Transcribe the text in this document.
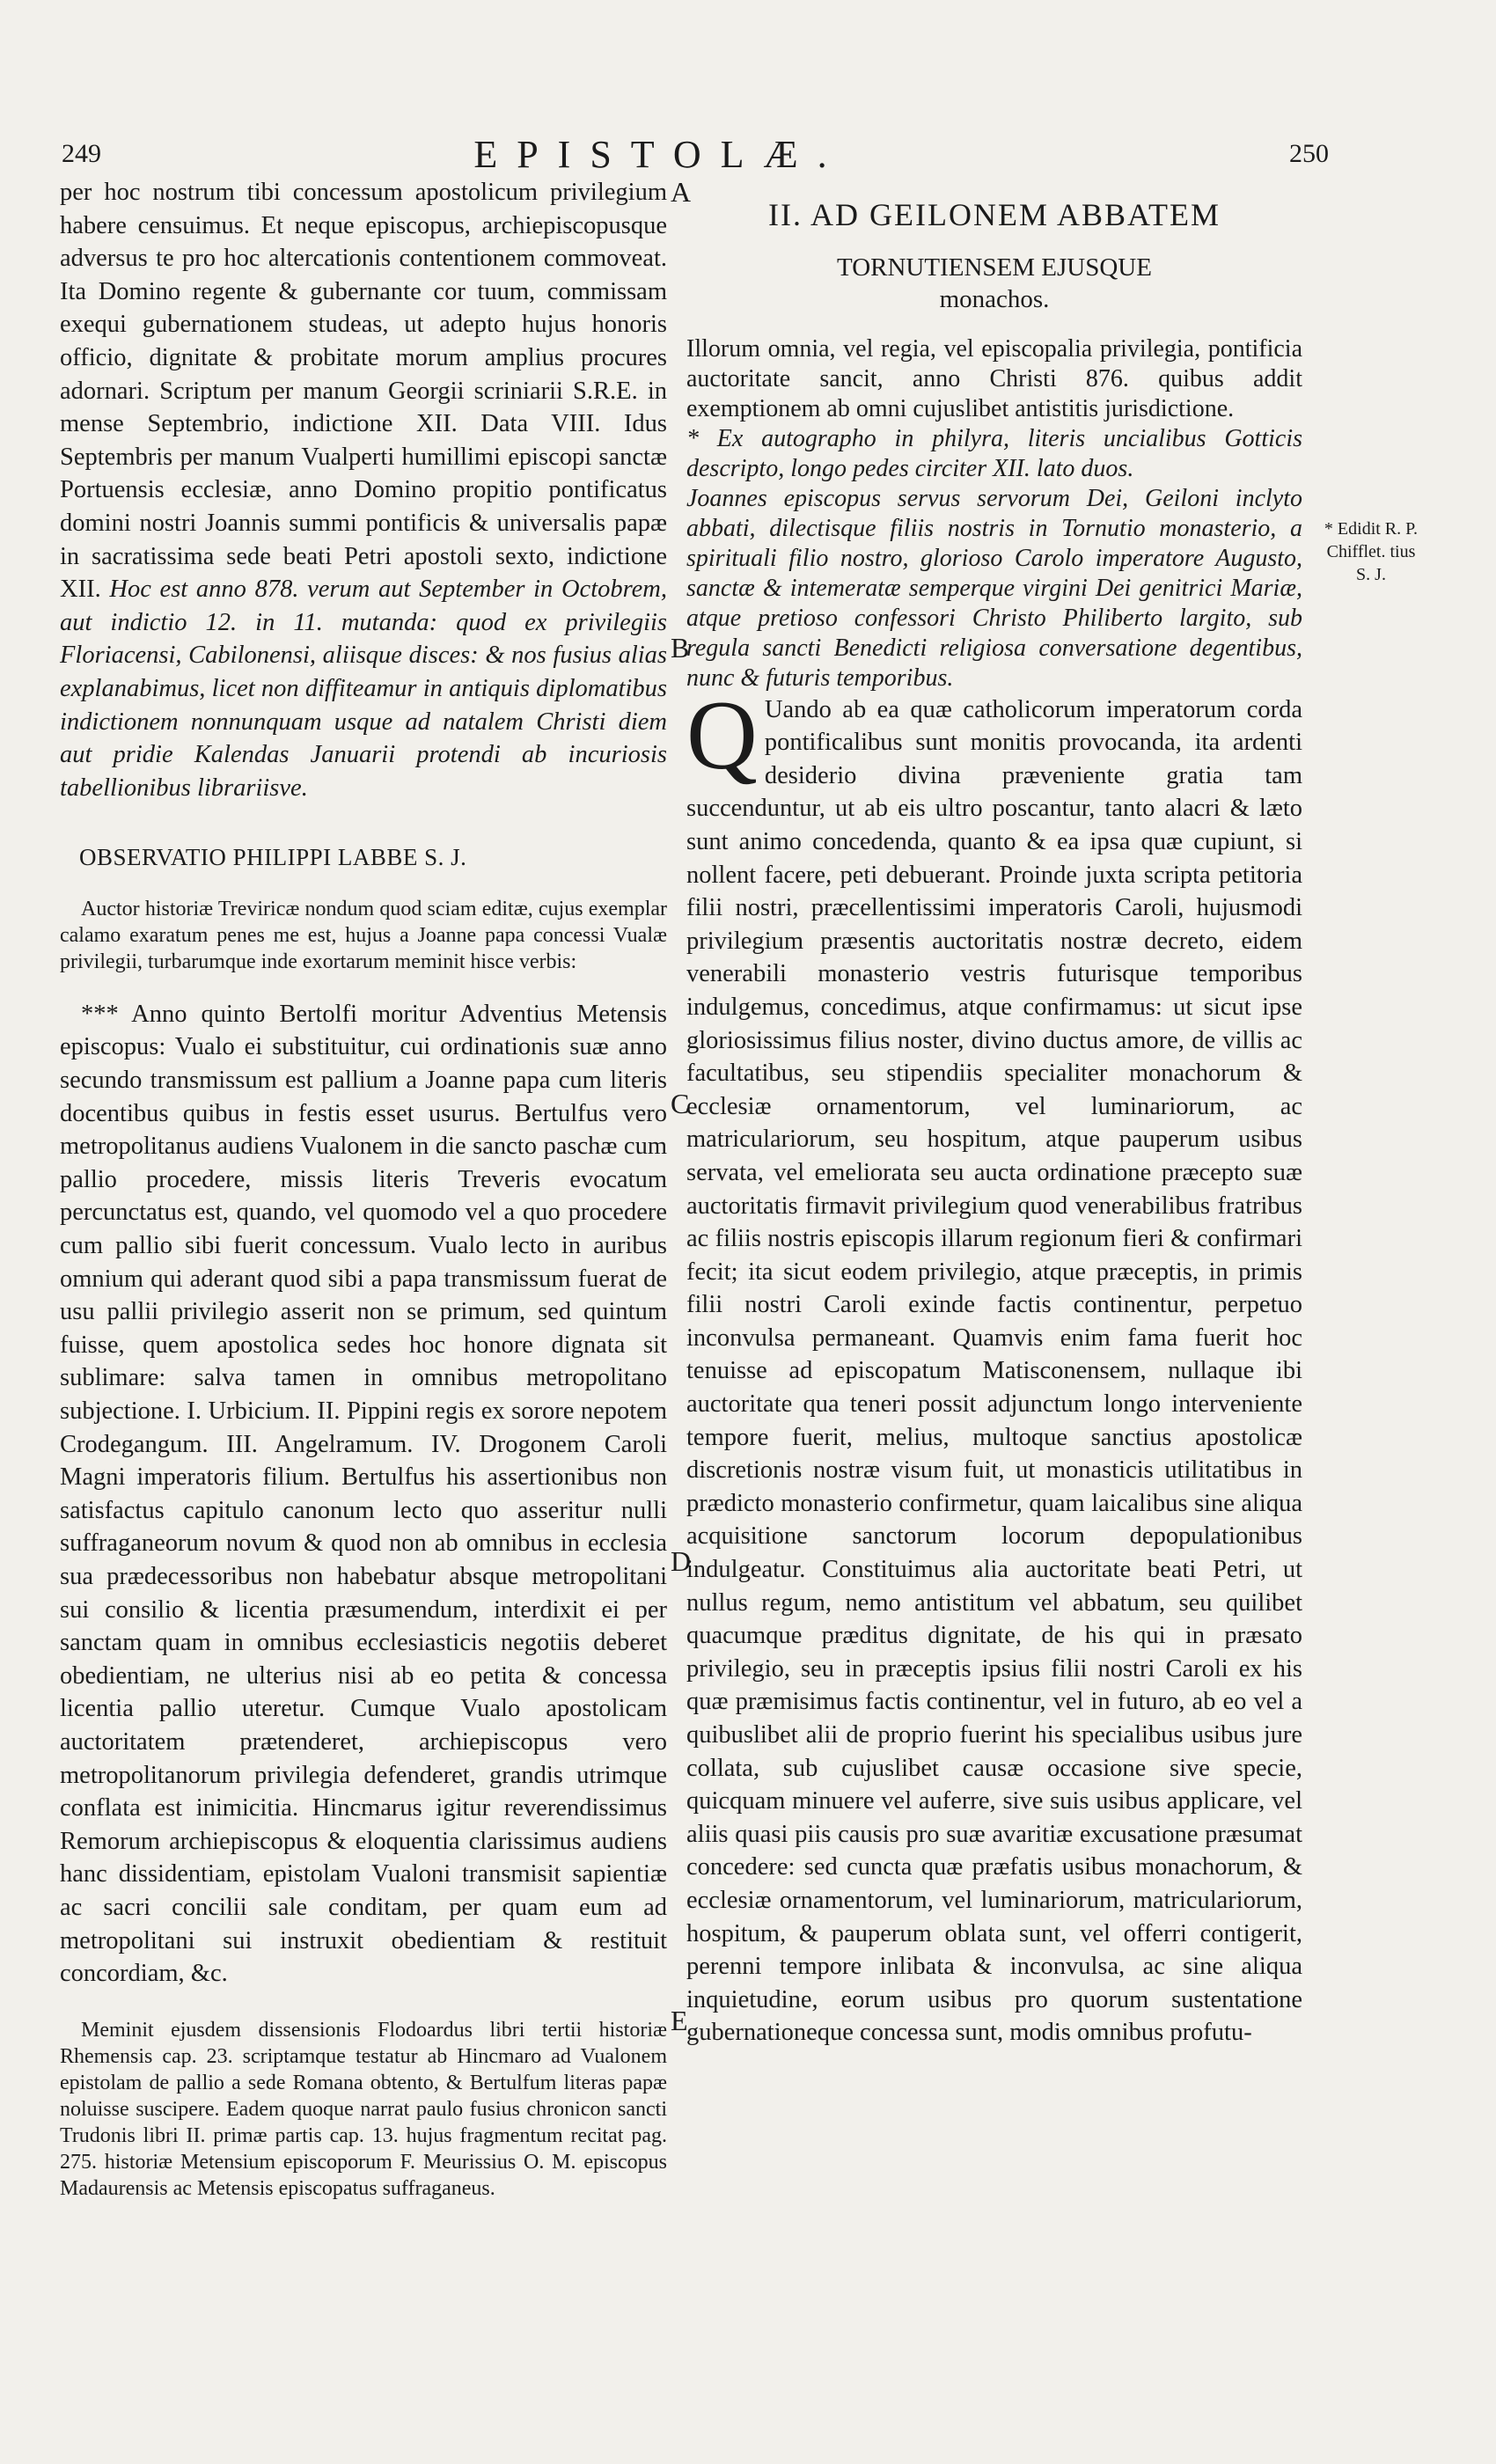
249	EPISTOLÆ.	250

per hoc nostrum tibi concessum apostolicum privilegium habere censuimus. Et neque episcopus, archiepiscopusque adversus te pro hoc altercationis contentionem commoveat. Ita Domino regente & gubernante cor tuum, commissam exequi gubernationem studeas, ut adepto hujus honoris officio, dignitate & probitate morum amplius procures adornari. Scriptum per manum Georgii scriniarii S.R.E. in mense Septembrio, indictione XII. Data VIII. Idus Septembris per manum Vualperti humillimi episcopi sanctæ Portuensis ecclesiæ, anno Domino propitio pontificatus domini nostri Joannis summi pontificis & universalis papæ in sacratissima sede beati Petri apostoli sexto, indictione XII. Hoc est anno 878. verum aut September in Octobrem, aut indictio 12. in 11. mutanda: quod ex privilegiis Floriacensi, Cabilonensi, aliisque disces: & nos fusius alias explanabimus, licet non diffiteamur in antiquis diplomatibus indictionem nonnunquam usque ad natalem Christi diem aut pridie Kalendas Januarii protendi ab incuriosis tabellionibus librariisve.

OBSERVATIO PHILIPPI LABBE S. J.

Auctor historiæ Treviricæ nondum quod sciam editæ, cujus exemplar calamo exaratum penes me est, hujus a Joanne papa concessi Vualæ privilegii, turbarumque inde exortarum meminit hisce verbis:

*** Anno quinto Bertolfi moritur Adventius Metensis episcopus: Vualo ei substituitur, cui ordinationis suæ anno secundo transmissum est pallium a Joanne papa cum literis docentibus quibus in festis esset usurus. Bertulfus vero metropolitanus audiens Vualonem in die sancto paschæ cum pallio procedere, missis literis Treveris evocatum percunctatus est, quando, vel quomodo vel a quo procedere cum pallio sibi fuerit concessum. Vualo lecto in auribus omnium qui aderant quod sibi a papa transmissum fuerat de usu pallii privilegio asserit non se primum, sed quintum fuisse, quem apostolica sedes hoc honore dignata sit sublimare: salva tamen in omnibus metropolitano subjectione. I. Urbicium. II. Pippini regis ex sorore nepotem Crodegangum. III. Angelramum. IV. Drogonem Caroli Magni imperatoris filium. Bertulfus his assertionibus non satisfactus capitulo canonum lecto quo asseritur nulli suffraganeorum novum & quod non ab omnibus in ecclesia sua prædecessoribus non habebatur absque metropolitani sui consilio & licentia præsumendum, interdixit ei per sanctam quam in omnibus ecclesiasticis negotiis deberet obedientiam, ne ulterius nisi ab eo petita & concessa licentia pallio uteretur. Cumque Vualo apostolicam auctoritatem prætenderet, archiepiscopus vero metropolitanorum privilegia defenderet, grandis utrimque conflata est inimicitia. Hincmarus igitur reverendissimus Remorum archiepiscopus & eloquentia clarissimus audiens hanc dissidentiam, epistolam Vualoni transmisit sapientiæ ac sacri concilii sale conditam, per quam eum ad metropolitani sui instruxit obedientiam & restituit concordiam, &c.

Meminit ejusdem dissensionis Flodoardus libri tertii historiæ Rhemensis cap. 23. scriptamque testatur ab Hincmaro ad Vualonem epistolam de pallio a sede Romana obtento, & Bertulfum literas papæ noluisse suscipere. Eadem quoque narrat paulo fusius chronicon sancti Trudonis libri II. primæ partis cap. 13. hujus fragmentum recitat pag. 275. historiæ Metensium episcoporum F. Meurissius O. M. episcopus Madaurensis ac Metensis episcopatus suffraganeus.

II. AD GEILONEM ABBATEM
TORNUTIENSEM EJUSQUE
monachos.

Illorum omnia, vel regia, vel episcopalia privilegia, pontificia auctoritate sancit, anno Christi 876. quibus addit exemptionem ab omni cujuslibet antistitis jurisdictione.

* Ex autographo in philyra, literis uncialibus Gotticis descripto, longo pedes circiter XII. lato duos.

Joannes episcopus servus servorum Dei, Geiloni inclyto abbati, dilectisque filiis nostris in Tornutio monasterio, a spirituali filio nostro, glorioso Carolo imperatore Augusto, sanctæ & intemeratæ semperque virgini Dei genitrici Mariæ, atque pretioso confessori Christo Philiberto largito, sub regula sancti Benedicti religiosa conversatione degentibus, nunc & futuris temporibus.

Q Uando ab ea quæ catholicorum imperatorum corda pontificalibus sunt monitis provocanda, ita ardenti desiderio divina præveniente gratia tam succenduntur, ut ab eis ultro poscantur, tanto alacri & læto sunt animo concedenda, quanto & ea ipsa quæ cupiunt, si nollent facere, peti debuerant. Proinde juxta scripta petitoria filii nostri, præcellentissimi imperatoris Caroli, hujusmodi privilegium præsentis auctoritatis nostræ decreto, eidem venerabili monasterio vestris futurisque temporibus indulgemus, concedimus, atque confirmamus: ut sicut ipse gloriosissimus filius noster, divino ductus amore, de villis ac facultatibus, seu stipendiis specialiter monachorum & ecclesiæ ornamentorum, vel luminariorum, ac matriculariorum, seu hospitum, atque pauperum usibus servata, vel emeliorata seu aucta ordinatione præcepto suæ auctoritatis firmavit privilegium quod venerabilibus fratribus ac filiis nostris episcopis illarum regionum fieri & confirmari fecit; ita sicut eodem privilegio, atque præceptis, in primis filii nostri Caroli exinde factis continentur, perpetuo inconvulsa permaneant. Quamvis enim fama fuerit hoc tenuisse ad episcopatum Matisconensem, nullaque ibi auctoritate qua teneri possit adjunctum longo interveniente tempore fuerit, melius, multoque sanctius apostolicæ discretionis nostræ visum fuit, ut monasticis utilitatibus in prædicto monasterio confirmetur, quam laicalibus sine aliqua acquisitione sanctorum locorum depopulationibus indulgeatur. Constituimus alia auctoritate beati Petri, ut nullus regum, nemo antistitum vel abbatum, seu quilibet quacumque præditus dignitate, de his qui in præsato privilegio, seu in præceptis ipsius filii nostri Caroli ex his quæ præmisimus factis continentur, vel in futuro, ab eo vel a quibuslibet alii de proprio fuerint his specialibus usibus jure collata, sub cujuslibet causæ occasione sive specie, quicquam minuere vel auferre, sive suis usibus applicare, vel aliis quasi piis causis pro suæ avaritiæ excusatione præsumat concedere: sed cuncta quæ præfatis usibus monachorum, & ecclesiæ ornamentorum, vel luminariorum, matriculariorum, hospitum, & pauperum oblata sunt, vel offerri contigerit, perenni tempore inlibata & inconvulsa, ac sine aliqua inquietudine, eorum usibus pro quorum sustentatione gubernationeque concessa sunt, modis omnibus profutu-

A
B
C
D
E
* Edidit R. P. Chifflet. tius S. J.
